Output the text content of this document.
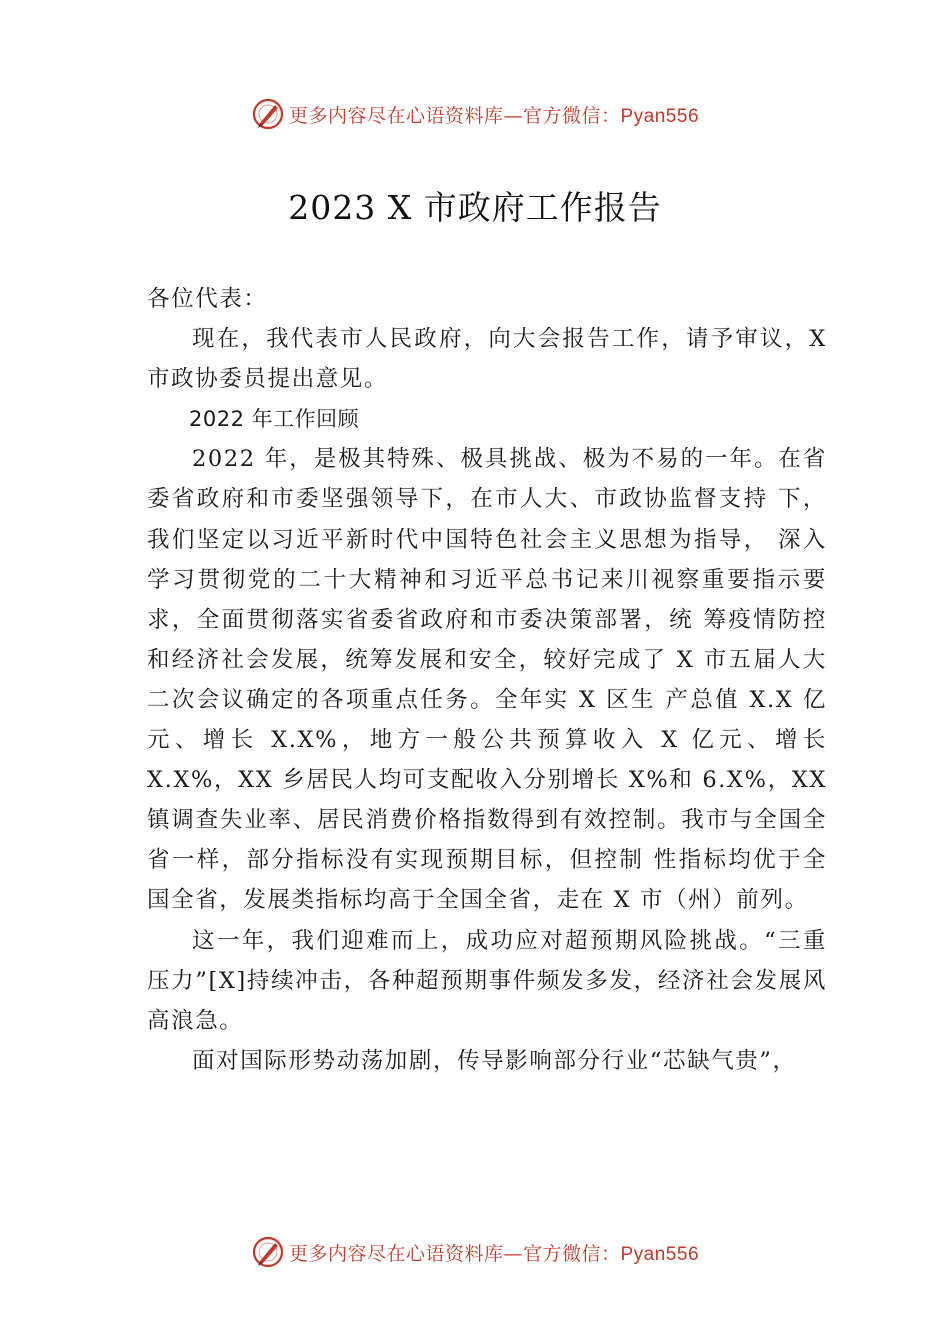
更多内容尽在心语资料库—官方微信：Pyan556
2023 X 市政府工作报告

各位代表：

现在，我代表市人民政府，向大会报告工作，请予审议，X 市政协委员提出意见。

2022 年工作回顾

2022 年，是极其特殊、极具挑战、极为不易的一年。在省委省政府和市委坚强领导下，在市人大、市政协监督支持 下，我们坚定以习近平新时代中国特色社会主义思想为指导， 深入学习贯彻党的二十大精神和习近平总书记来川视察重要指示要求，全面贯彻落实省委省政府和市委决策部署，统 筹疫情防控和经济社会发展，统筹发展和安全，较好完成了 X 市五届人大二次会议确定的各项重点任务。全年实 X 区生 产总值 X.X 亿元、增长 X.X%，地方一般公共预算收入 X 亿元、增长 X.X%，XX 乡居民人均可支配收入分别增长 X%和 6.X%，XX 镇调查失业率、居民消费价格指数得到有效控制。我市与全国全省一样，部分指标没有实现预期目标，但控制 性指标均优于全国全省，发展类指标均高于全国全省，走在 X 市（州）前列。

这一年，我们迎难而上，成功应对超预期风险挑战。“三重压力”[X]持续冲击，各种超预期事件频发多发，经济社会发展风高浪急。

面对国际形势动荡加剧，传导影响部分行业“芯缺气贵”，

更多内容尽在心语资料库—官方微信：Pyan556
